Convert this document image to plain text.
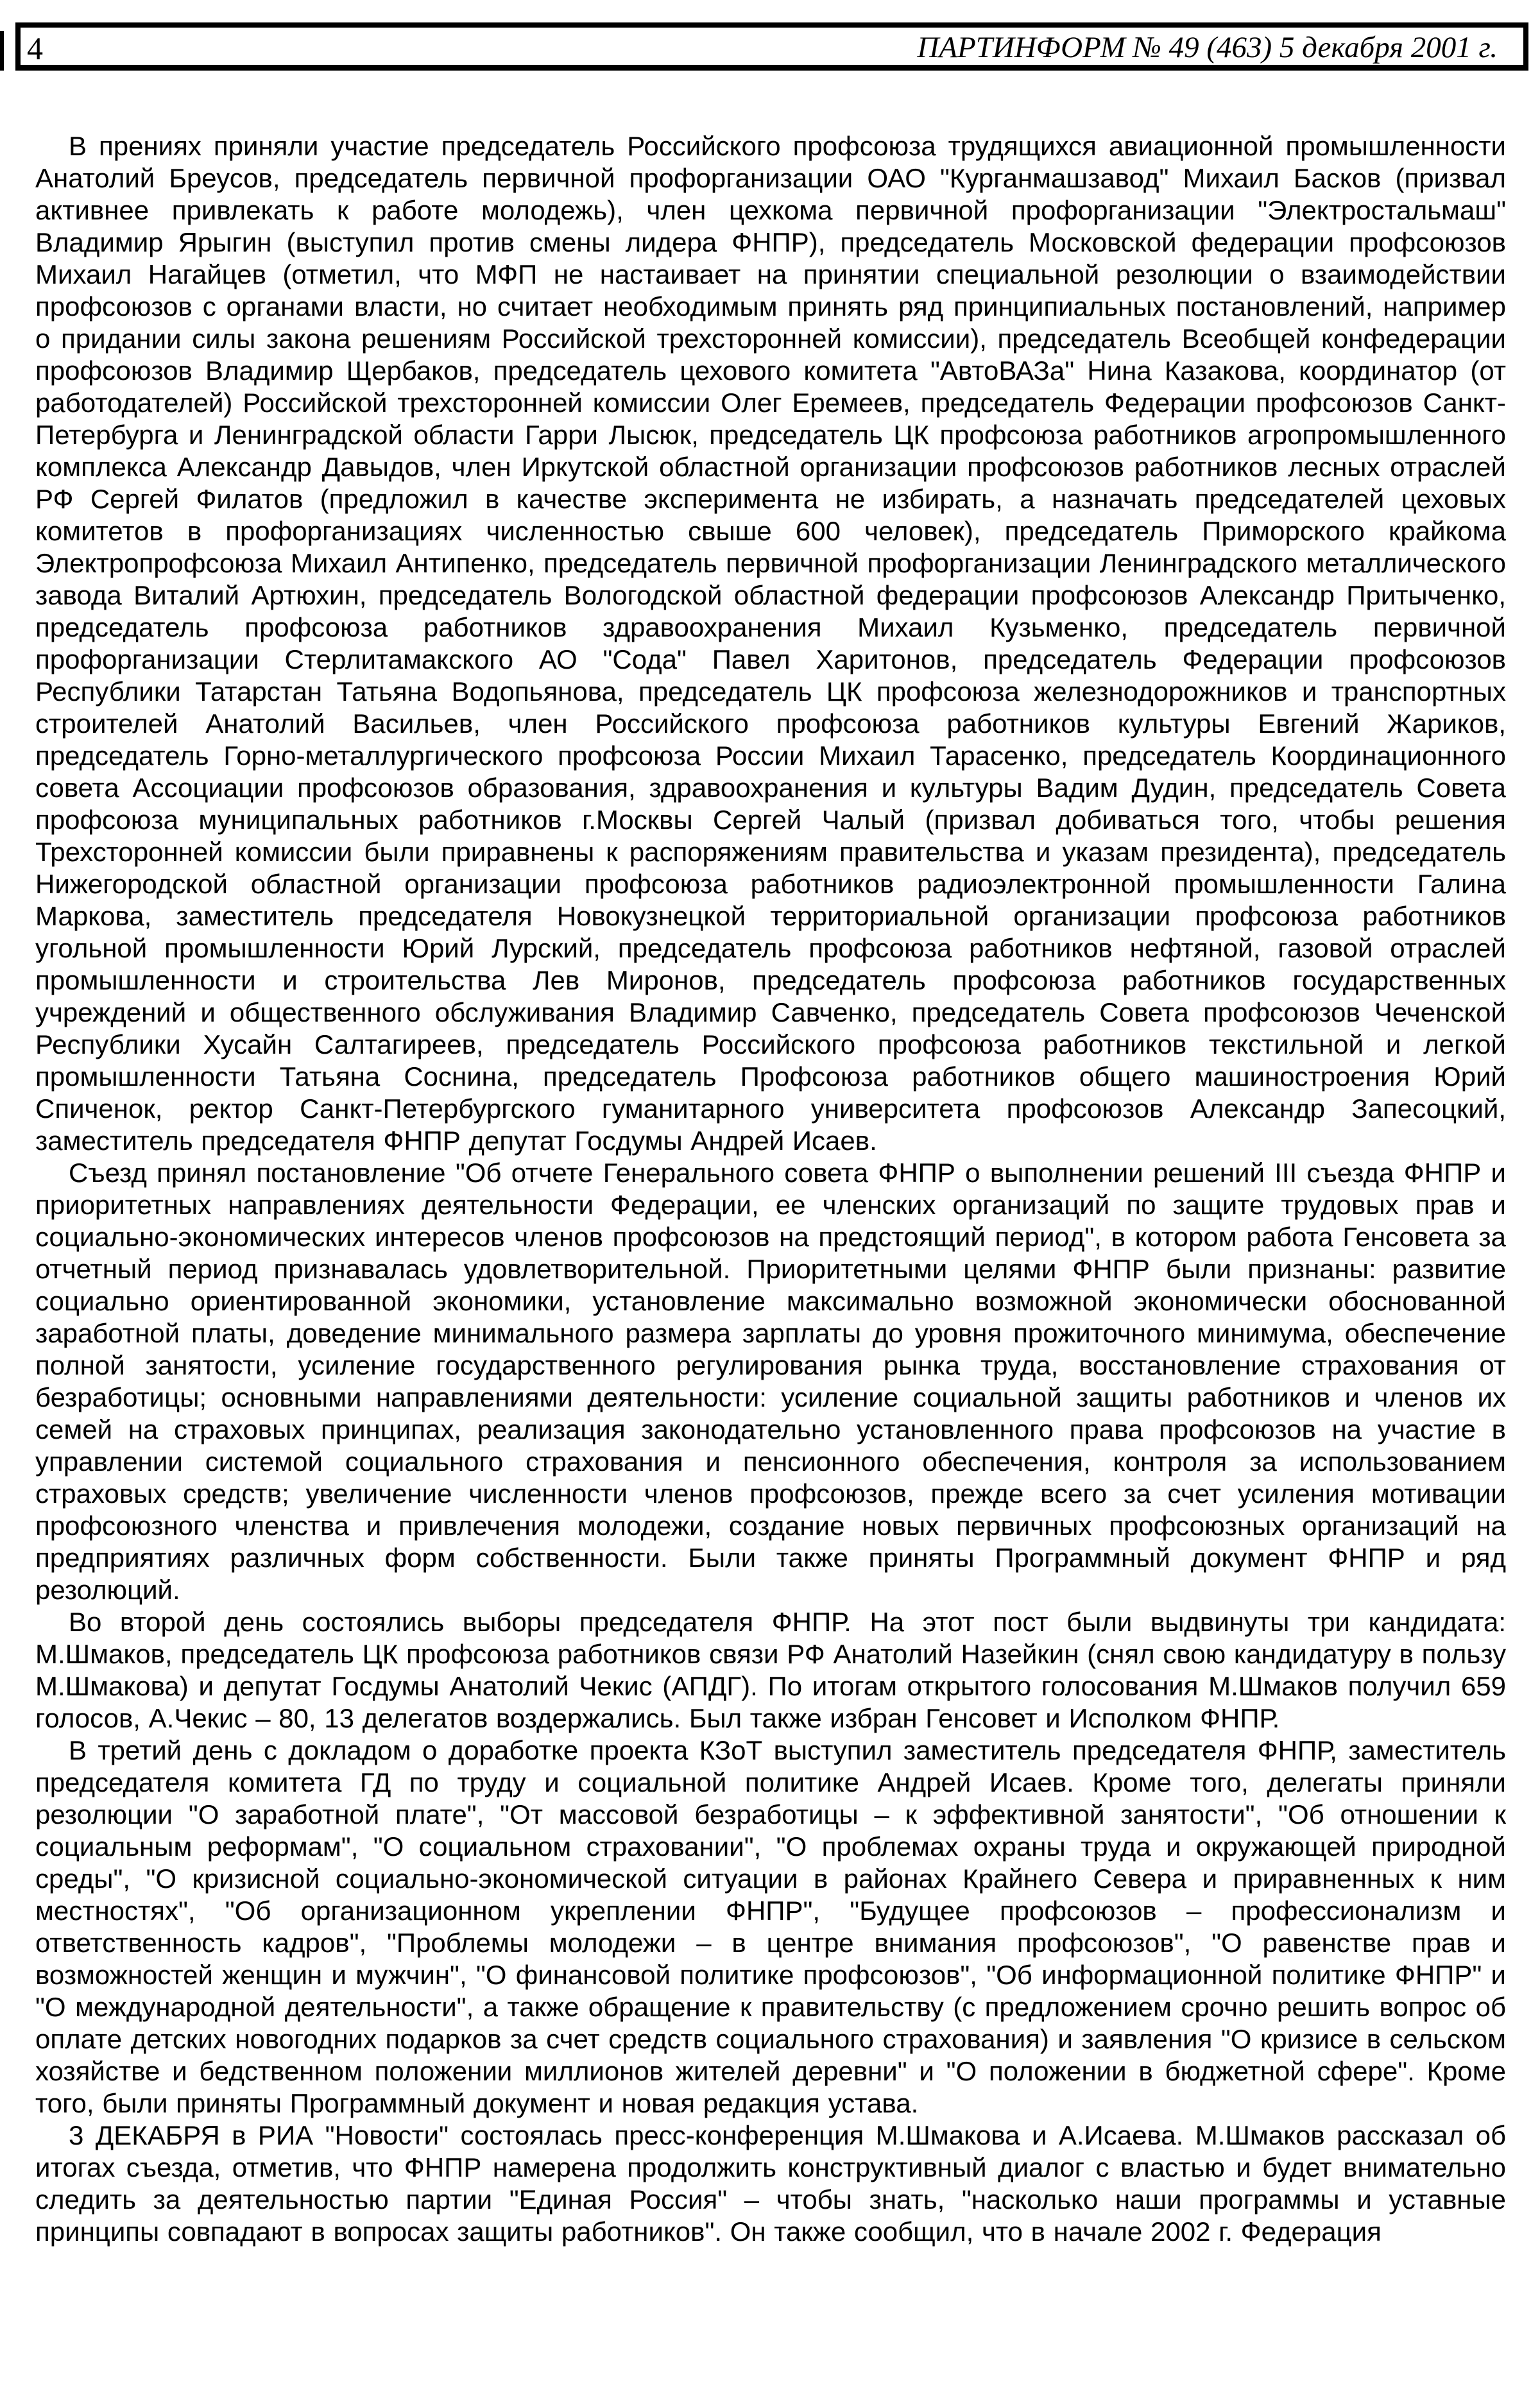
4	ПАРТИНФОРМ № 49 (463) 5 декабря 2001 г.

В прениях приняли участие председатель Российского профсоюза трудящихся авиационной промышленности Анатолий Бреусов, председатель первичной профорганизации ОАО "Курганмашзавод" Михаил Басков (призвал активнее привлекать к работе молодежь), член цехкома первичной профорганизации "Электростальмаш" Владимир Ярыгин (выступил против смены лидера ФНПР), председатель Московской федерации профсоюзов Михаил Нагайцев (отметил, что МФП не настаивает на принятии специальной резолюции о взаимодействии профсоюзов с органами власти, но считает необходимым принять ряд принципиальных постановлений, например о придании силы закона решениям Российской трехсторонней комиссии), председатель Всеобщей конфедерации профсоюзов Владимир Щербаков, председатель цехового комитета "АвтоВАЗа" Нина Казакова, координатор (от работодателей) Российской трехсторонней комиссии Олег Еремеев, председатель Федерации профсоюзов Санкт-Петербурга и Ленинградской области Гарри Лысюк, председатель ЦК профсоюза работников агропромышленного комплекса Александр Давыдов, член Иркутской областной организации профсоюзов работников лесных отраслей РФ Сергей Филатов (предложил в качестве эксперимента не избирать, а назначать председателей цеховых комитетов в профорганизациях численностью свыше 600 человек), председатель Приморского крайкома Электропрофсоюза Михаил Антипенко, председатель первичной профорганизации Ленинградского металлического завода Виталий Артюхин, председатель Вологодской областной федерации профсоюзов Александр Притыченко, председатель профсоюза работников здравоохранения Михаил Кузьменко, председатель первичной профорганизации Стерлитамакского АО "Сода" Павел Харитонов, председатель Федерации профсоюзов Республики Татарстан Татьяна Водопьянова, председатель ЦК профсоюза железнодорожников и транспортных строителей Анатолий Васильев, член Российского профсоюза работников культуры Евгений Жариков, председатель Горно-металлургического профсоюза России Михаил Тарасенко, председатель Координационного совета Ассоциации профсоюзов образования, здравоохранения и культуры Вадим Дудин, председатель Совета профсоюза муниципальных работников г.Москвы Сергей Чалый (призвал добиваться того, чтобы решения Трехсторонней комиссии были приравнены к распоряжениям правительства и указам президента), председатель Нижегородской областной организации профсоюза работников радиоэлектронной промышленности Галина Маркова, заместитель председателя Новокузнецкой территориальной организации профсоюза работников угольной промышленности Юрий Лурский, председатель профсоюза работников нефтяной, газовой отраслей промышленности и строительства Лев Миронов, председатель профсоюза работников государственных учреждений и общественного обслуживания Владимир Савченко, председатель Совета профсоюзов Чеченской Республики Хусайн Салтагиреев, председатель Российского профсоюза работников текстильной и легкой промышленности Татьяна Соснина, председатель Профсоюза работников общего машиностроения Юрий Спиченок, ректор Санкт-Петербургского гуманитарного университета профсоюзов Александр Запесоцкий, заместитель председателя ФНПР депутат Госдумы Андрей Исаев.

Съезд принял постановление "Об отчете Генерального совета ФНПР о выполнении решений III съезда ФНПР и приоритетных направлениях деятельности Федерации, ее членских организаций по защите трудовых прав и социально-экономических интересов членов профсоюзов на предстоящий период", в котором работа Генсовета за отчетный период признавалась удовлетворительной. Приоритетными целями ФНПР были признаны: развитие социально ориентированной экономики, установление максимально возможной экономически обоснованной заработной платы, доведение минимального размера зарплаты до уровня прожиточного минимума, обеспечение полной занятости, усиление государственного регулирования рынка труда, восстановление страхования от безработицы; основными направлениями деятельности: усиление социальной защиты работников и членов их семей на страховых принципах, реализация законодательно установленного права профсоюзов на участие в управлении системой социального страхования и пенсионного обеспечения, контроля за использованием страховых средств; увеличение численности членов профсоюзов, прежде всего за счет усиления мотивации профсоюзного членства и привлечения молодежи, создание новых первичных профсоюзных организаций на предприятиях различных форм собственности. Были также приняты Программный документ ФНПР и ряд резолюций.

Во второй день состоялись выборы председателя ФНПР. На этот пост были выдвинуты три кандидата: М.Шмаков, председатель ЦК профсоюза работников связи РФ Анатолий Назейкин (снял свою кандидатуру в пользу М.Шмакова) и депутат Госдумы Анатолий Чекис (АПДГ). По итогам открытого голосования М.Шмаков получил 659 голосов, А.Чекис – 80, 13 делегатов воздержались. Был также избран Генсовет и Исполком ФНПР.

В третий день с докладом о доработке проекта КЗоТ выступил заместитель председателя ФНПР, заместитель председателя комитета ГД по труду и социальной политике Андрей Исаев. Кроме того, делегаты приняли резолюции "О заработной плате", "От массовой безработицы – к эффективной занятости", "Об отношении к социальным реформам", "О социальном страховании", "О проблемах охраны труда и окружающей природной среды", "О кризисной социально-экономической ситуации в районах Крайнего Севера и приравненных к ним местностях", "Об организационном укреплении ФНПР", "Будущее профсоюзов – профессионализм и ответственность кадров", "Проблемы молодежи – в центре внимания профсоюзов", "О равенстве прав и возможностей женщин и мужчин", "О финансовой политике профсоюзов", "Об информационной политике ФНПР" и "О международной деятельности", а также обращение к правительству (с предложением срочно решить вопрос об оплате детских новогодних подарков за счет средств социального страхования) и заявления "О кризисе в сельском хозяйстве и бедственном положении миллионов жителей деревни" и "О положении в бюджетной сфере". Кроме того, были приняты Программный документ и новая редакция устава.

3 ДЕКАБРЯ в РИА "Новости" состоялась пресс-конференция М.Шмакова и А.Исаева. М.Шмаков рассказал об итогах съезда, отметив, что ФНПР намерена продолжить конструктивный диалог с властью и будет внимательно следить за деятельностью партии "Единая Россия" – чтобы знать, "насколько наши программы и уставные принципы совпадают в вопросах защиты работников". Он также сообщил, что в начале 2002 г. Федерация
